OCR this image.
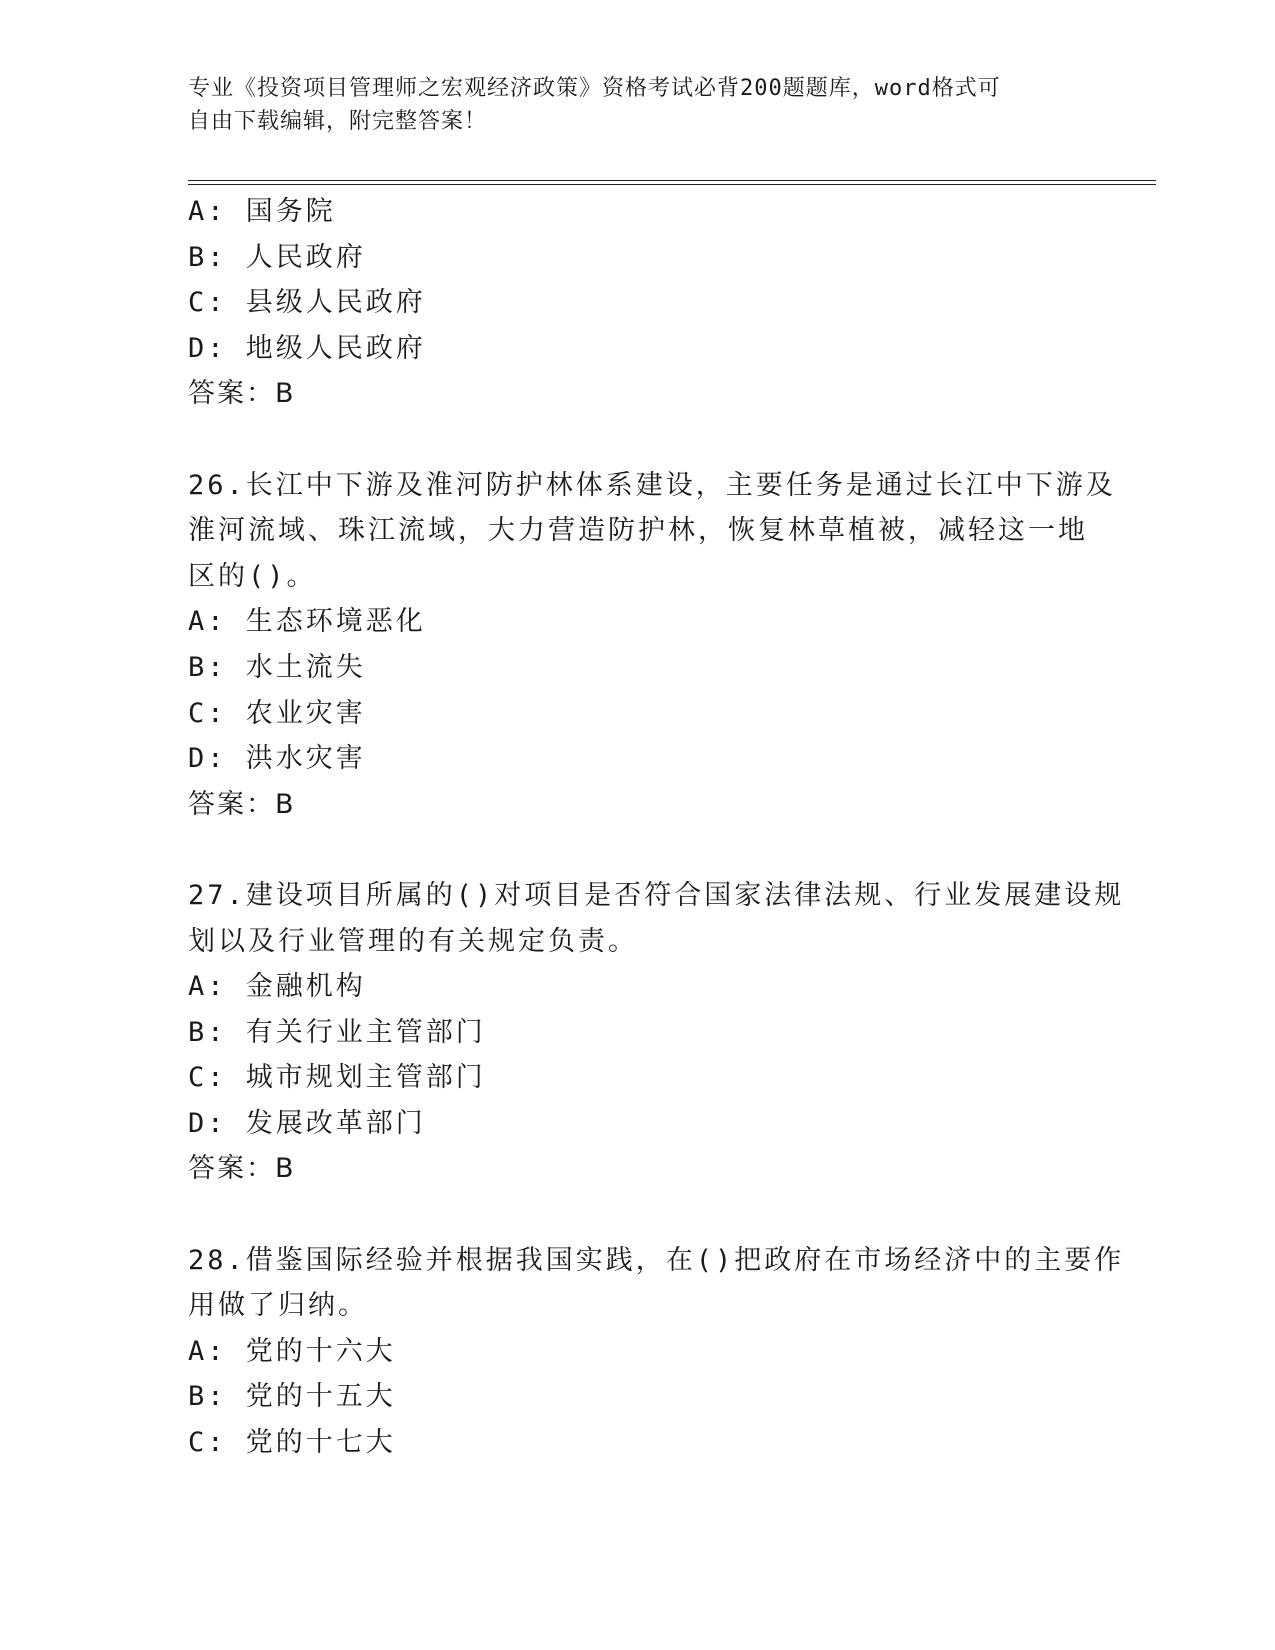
专业《投资项目管理师之宏观经济政策》资格考试必背200题题库，word格式可
自由下载编辑，附完整答案！
A: 国务院
B: 人民政府
C: 县级人民政府
D: 地级人民政府
答案：B
26.长江中下游及淮河防护林体系建设，主要任务是通过长江中下游及
淮河流域、珠江流域，大力营造防护林，恢复林草植被，减轻这一地
区的()。
A: 生态环境恶化
B: 水土流失
C: 农业灾害
D: 洪水灾害
答案：B
27.建设项目所属的()对项目是否符合国家法律法规、行业发展建设规
划以及行业管理的有关规定负责。
A: 金融机构
B: 有关行业主管部门
C: 城市规划主管部门
D: 发展改革部门
答案：B
28.借鉴国际经验并根据我国实践，在()把政府在市场经济中的主要作
用做了归纳。
A: 党的十六大
B: 党的十五大
C: 党的十七大
